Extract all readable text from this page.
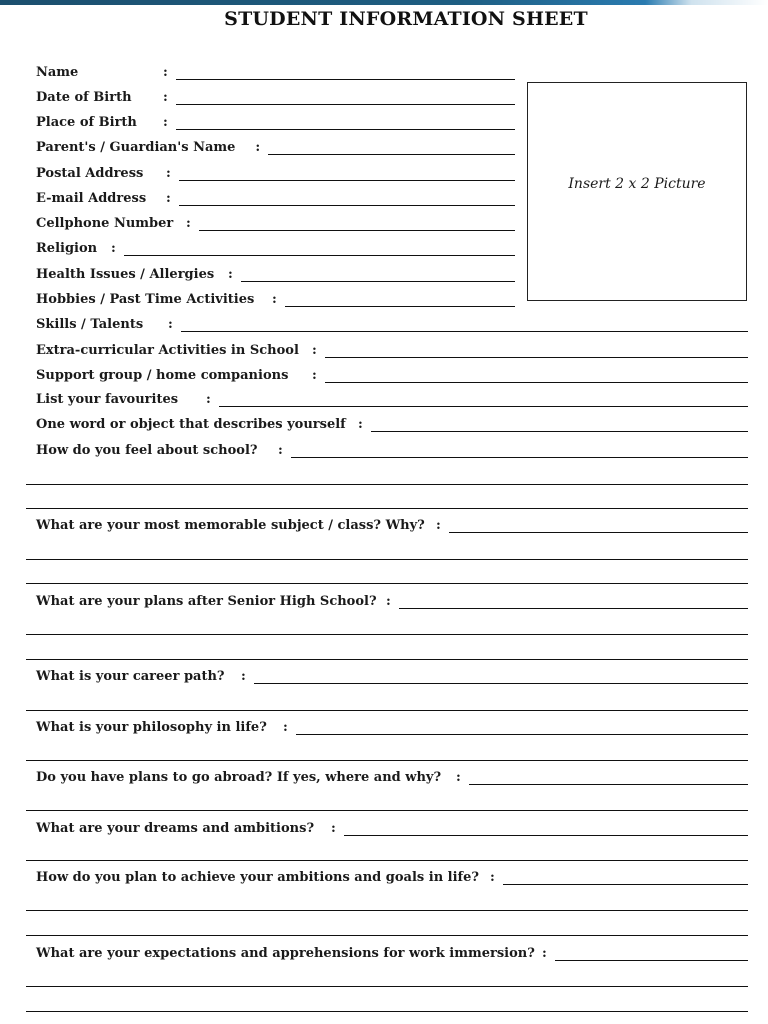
STUDENT INFORMATION SHEET
Insert 2 x 2 Picture
Name	:
Date of Birth	:
Place of Birth	:
Parent's / Guardian's Name :
Postal Address	:
E-mail Address	:
Cellphone Number :
Religion :
Health Issues / Allergies :
Hobbies / Past Time Activities	:
Skills / Talents	:
Extra-curricular Activities in School :
Support group / home companions	:
List your favourites	:
One word or object that describes yourself :
How do you feel about school?	:
What are your most memorable subject / class? Why? :
What are your plans after Senior High School? :
What is your career path?	:
What is your philosophy in life?	:
Do you have plans to go abroad? If yes, where and why?	:
What are your dreams and ambitions?	:
How do you plan to achieve your ambitions and goals in life? :
What are your expectations and apprehensions for work immersion? :
